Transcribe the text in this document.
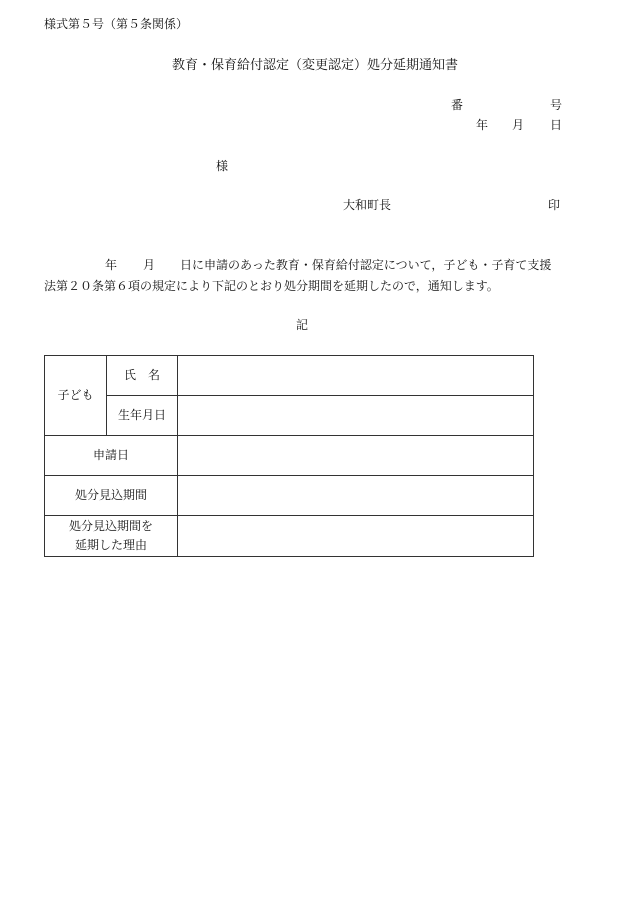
様式第５号（第５条関係）
教育・保育給付認定（変更認定）処分延期通知書
番	号
年 月 日
様
大和町長	印
年 月 日に申請のあった教育・保育給付認定について，子ども・子育て支援
法第２０条第６項の規定により下記のとおり処分期間を延期したので，通知します。
記
子ども	氏　名	
	生年月日	
申請日		
処分見込期間		

処分見込期間を
延期した理由		
